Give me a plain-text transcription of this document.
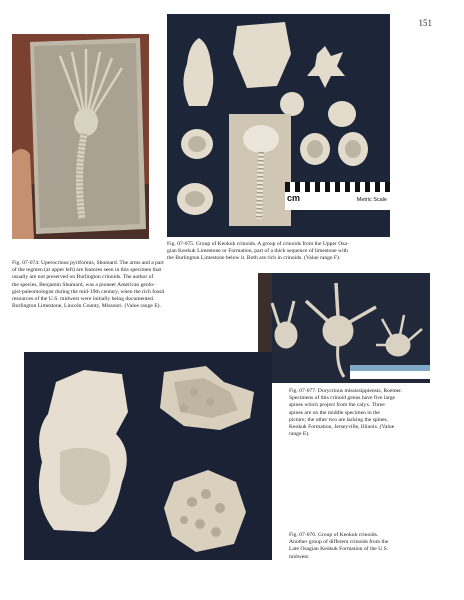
151
cm	Metric Scale
Fig. 07-075. Group of Keokuk crinoids. A group of crinoids from the Upper Osa-
gian Keokuk Limestone or Formation, part of a thick sequence of limestone with
the Burlington Limestone below it. Both are rich in crinoids. (Value range F).
Fig. 07-074: Uperocrinus pyriformis, Shumard. The arms and a part
of the tegmen (at upper left) are features seen in this specimen that
usually are not preserved on Burlington crinoids. The author of
the species, Benjamin Shumard, was a pioneer American geolo-
gist-paleontologist during the mid-19th century, when the rich fossil
resources of the U.S. midwest were initially being documented.
Burlington Limestone, Lincoln County, Missouri. (Value range E).
Fig. 07-077. Dorycrinus mississippiensis, Roemer.
Specimens of this crinoid genus have five large
spines which project from the calyx. Three
spines are on the middle specimen in the
picture; the other two are lacking the spines.
Keokuk Formation, Jerseyville, Illinois. (Value
range E).
Fig. 07-076. Group of Keokuk crinoids.
Another group of different crinoids from the
Late Osagian Keokuk Formation of the U.S.
midwest.
